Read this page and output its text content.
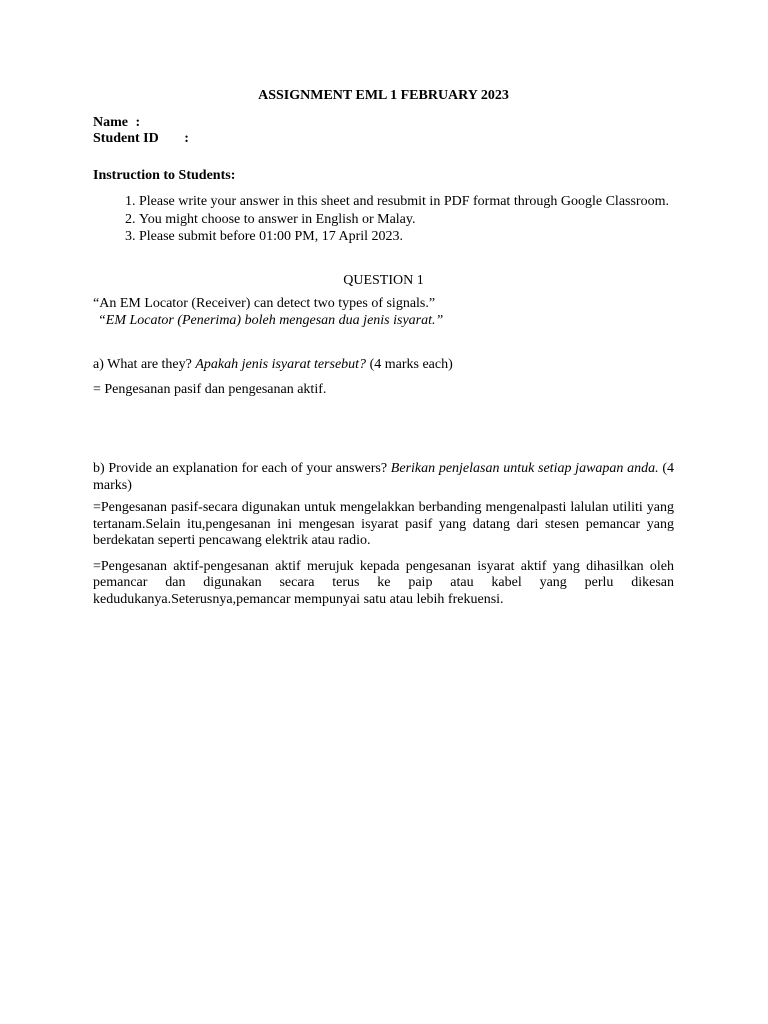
ASSIGNMENT EML 1 FEBRUARY 2023

Name :

Student ID :

Instruction to Students:

1. Please write your answer in this sheet and resubmit in PDF format through Google Classroom.
2. You might choose to answer in English or Malay.
3. Please submit before 01:00 PM, 17 April 2023.

QUESTION 1

“An EM Locator (Receiver) can detect two types of signals.”

“EM Locator (Penerima) boleh mengesan dua jenis isyarat.”

a) What are they? Apakah jenis isyarat tersebut? (4 marks each)

= Pengesanan pasif dan pengesanan aktif.

b) Provide an explanation for each of your answers? Berikan penjelasan untuk setiap jawapan anda. (4 marks)

=Pengesanan pasif-secara digunakan untuk mengelakkan berbanding mengenalpasti lalulan utiliti yang tertanam.Selain itu,pengesanan ini mengesan isyarat pasif yang datang dari stesen pemancar yang berdekatan seperti pencawang elektrik atau radio.

=Pengesanan aktif-pengesanan aktif merujuk kepada pengesanan isyarat aktif yang dihasilkan oleh pemancar dan digunakan secara terus ke paip atau kabel yang perlu dikesan kedudukanya.Seterusnya,pemancar mempunyai satu atau lebih frekuensi.
